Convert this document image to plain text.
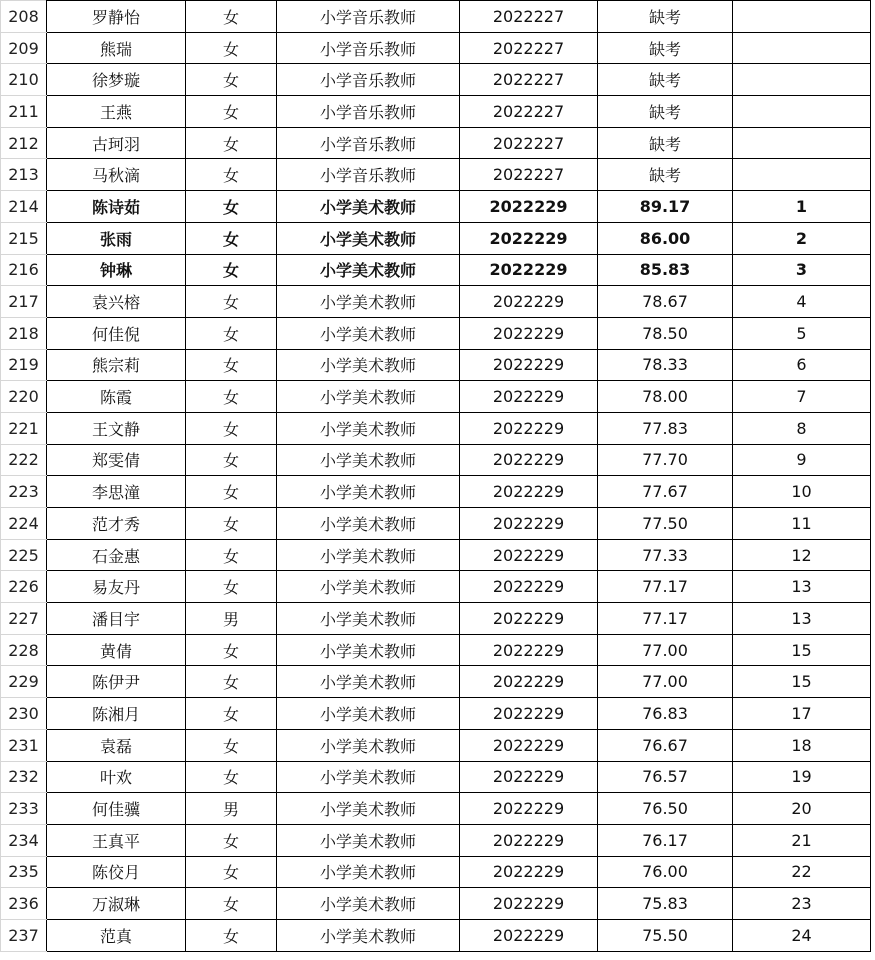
208	罗静怡	女	小学音乐教师	2022227	缺考	
209	熊瑞	女	小学音乐教师	2022227	缺考	
210	徐梦璇	女	小学音乐教师	2022227	缺考	
211	王燕	女	小学音乐教师	2022227	缺考	
212	古珂羽	女	小学音乐教师	2022227	缺考	
213	马秋滴	女	小学音乐教师	2022227	缺考	
214	陈诗茹	女	小学美术教师	2022229	89.17	1
215	张雨	女	小学美术教师	2022229	86.00	2
216	钟琳	女	小学美术教师	2022229	85.83	3
217	袁兴榕	女	小学美术教师	2022229	78.67	4
218	何佳倪	女	小学美术教师	2022229	78.50	5
219	熊宗莉	女	小学美术教师	2022229	78.33	6
220	陈霞	女	小学美术教师	2022229	78.00	7
221	王文静	女	小学美术教师	2022229	77.83	8
222	郑雯倩	女	小学美术教师	2022229	77.70	9
223	李思潼	女	小学美术教师	2022229	77.67	10
224	范才秀	女	小学美术教师	2022229	77.50	11
225	石金惠	女	小学美术教师	2022229	77.33	12
226	易友丹	女	小学美术教师	2022229	77.17	13
227	潘目宇	男	小学美术教师	2022229	77.17	13
228	黄倩	女	小学美术教师	2022229	77.00	15
229	陈伊尹	女	小学美术教师	2022229	77.00	15
230	陈湘月	女	小学美术教师	2022229	76.83	17
231	袁磊	女	小学美术教师	2022229	76.67	18
232	叶欢	女	小学美术教师	2022229	76.57	19
233	何佳骥	男	小学美术教师	2022229	76.50	20
234	王真平	女	小学美术教师	2022229	76.17	21
235	陈佼月	女	小学美术教师	2022229	76.00	22
236	万淑琳	女	小学美术教师	2022229	75.83	23
237	范真	女	小学美术教师	2022229	75.50	24
